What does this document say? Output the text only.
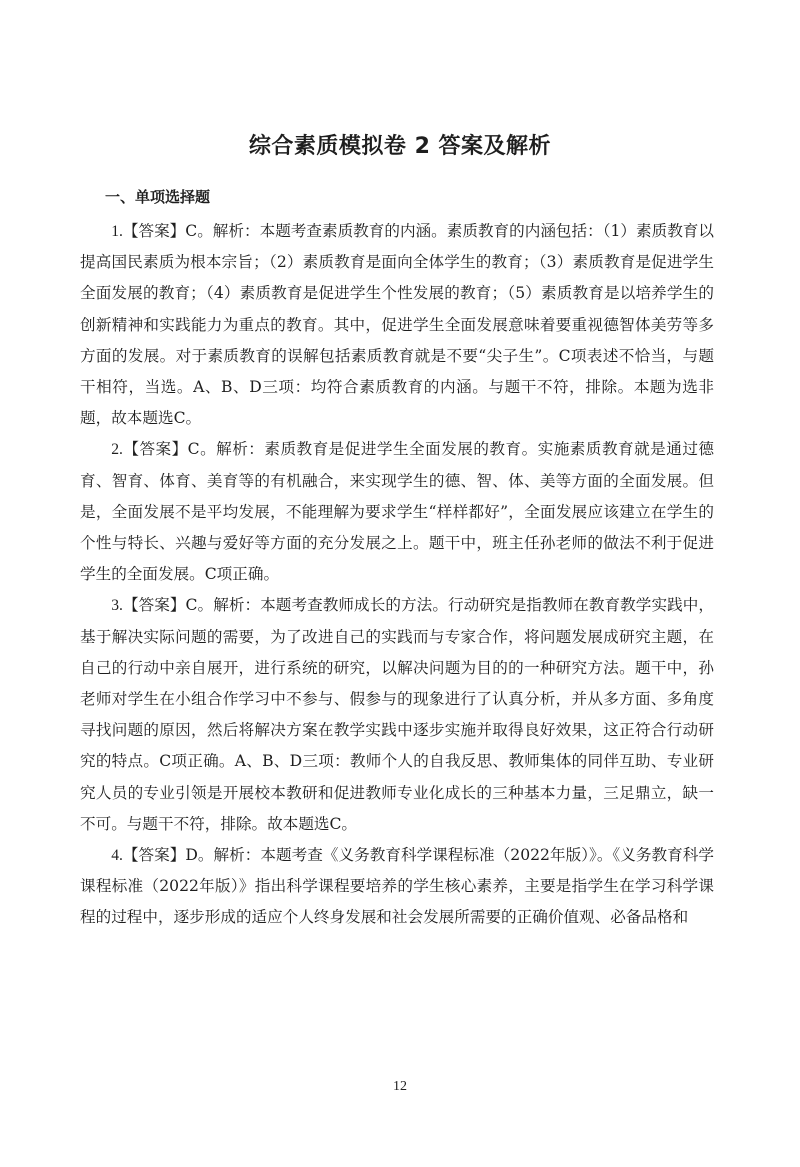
综合素质模拟卷 2 答案及解析
一、单项选择题

1.【答案】C。解析：本题考查素质教育的内涵。素质教育的内涵包括：（1）素质教育以提高国民素质为根本宗旨；（2）素质教育是面向全体学生的教育；（3）素质教育是促进学生全面发展的教育；（4）素质教育是促进学生个性发展的教育；（5）素质教育是以培养学生的创新精神和实践能力为重点的教育。其中，促进学生全面发展意味着要重视德智体美劳等多方面的发展。对于素质教育的误解包括素质教育就是不要“尖子生”。C项表述不恰当，与题干相符，当选。A、B、D三项：均符合素质教育的内涵。与题干不符，排除。本题为选非题，故本题选C。

2.【答案】C。解析：素质教育是促进学生全面发展的教育。实施素质教育就是通过德育、智育、体育、美育等的有机融合，来实现学生的德、智、体、美等方面的全面发展。但是，全面发展不是平均发展，不能理解为要求学生“样样都好”，全面发展应该建立在学生的个性与特长、兴趣与爱好等方面的充分发展之上。题干中，班主任孙老师的做法不利于促进学生的全面发展。C项正确。

3.【答案】C。解析：本题考查教师成长的方法。行动研究是指教师在教育教学实践中，基于解决实际问题的需要，为了改进自己的实践而与专家合作，将问题发展成研究主题，在自己的行动中亲自展开，进行系统的研究，以解决问题为目的的一种研究方法。题干中，孙老师对学生在小组合作学习中不参与、假参与的现象进行了认真分析，并从多方面、多角度寻找问题的原因，然后将解决方案在教学实践中逐步实施并取得良好效果，这正符合行动研究的特点。C项正确。A、B、D三项：教师个人的自我反思、教师集体的同伴互助、专业研究人员的专业引领是开展校本教研和促进教师专业化成长的三种基本力量，三足鼎立，缺一不可。与题干不符，排除。故本题选C。

4.【答案】D。解析：本题考查《义务教育科学课程标准（2022年版）》。《义务教育科学课程标准（2022年版）》指出科学课程要培养的学生核心素养，主要是指学生在学习科学课程的过程中，逐步形成的适应个人终身发展和社会发展所需要的正确价值观、必备品格和

12
